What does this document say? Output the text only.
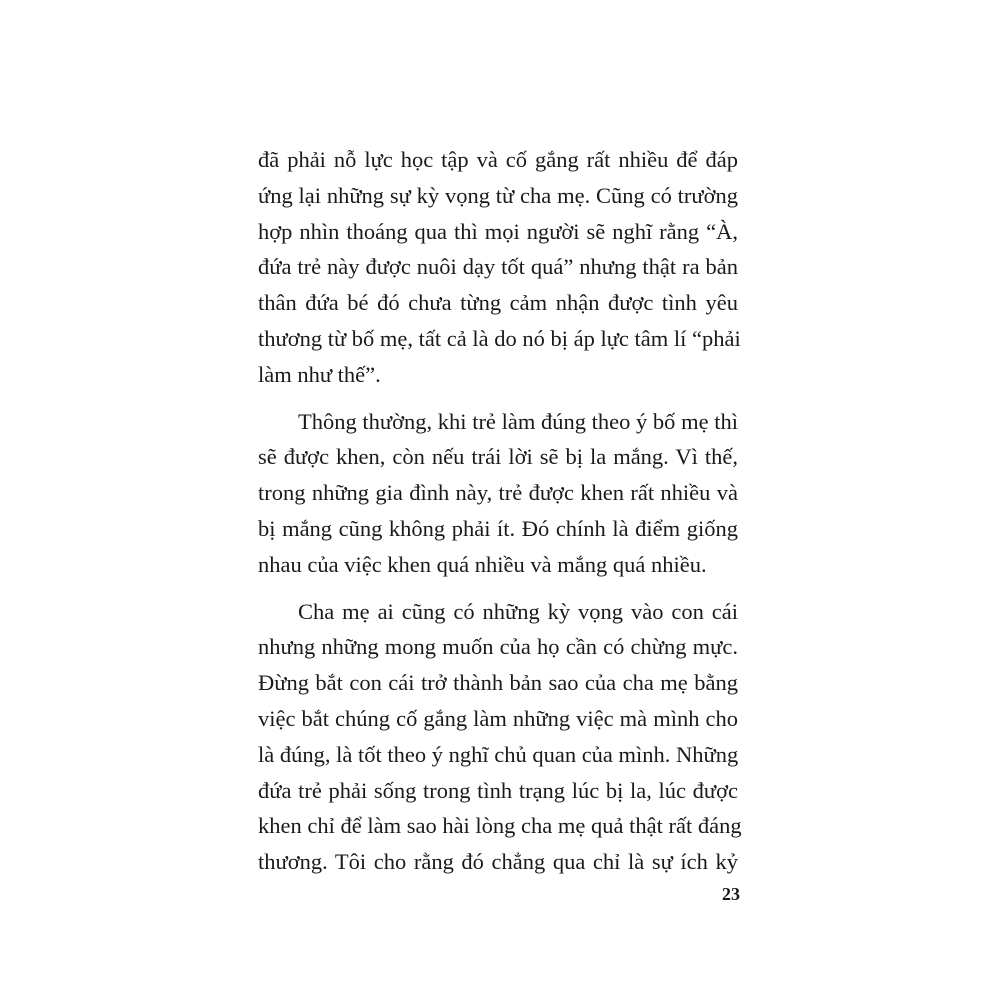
đã phải nỗ lực học tập và cố gắng rất nhiều để đáp
ứng lại những sự kỳ vọng từ cha mẹ. Cũng có trường
hợp nhìn thoáng qua thì mọi người sẽ nghĩ rằng “À,
đứa trẻ này được nuôi dạy tốt quá” nhưng thật ra bản
thân đứa bé đó chưa từng cảm nhận được tình yêu
thương từ bố mẹ, tất cả là do nó bị áp lực tâm lí “phải
làm như thế”.

Thông thường, khi trẻ làm đúng theo ý bố mẹ thì
sẽ được khen, còn nếu trái lời sẽ bị la mắng. Vì thế,
trong những gia đình này, trẻ được khen rất nhiều và
bị mắng cũng không phải ít. Đó chính là điểm giống
nhau của việc khen quá nhiều và mắng quá nhiều.

Cha mẹ ai cũng có những kỳ vọng vào con cái
nhưng những mong muốn của họ cần có chừng mực.
Đừng bắt con cái trở thành bản sao của cha mẹ bằng
việc bắt chúng cố gắng làm những việc mà mình cho
là đúng, là tốt theo ý nghĩ chủ quan của mình. Những
đứa trẻ phải sống trong tình trạng lúc bị la, lúc được
khen chỉ để làm sao hài lòng cha mẹ quả thật rất đáng
thương. Tôi cho rằng đó chẳng qua chỉ là sự ích kỷ

23
